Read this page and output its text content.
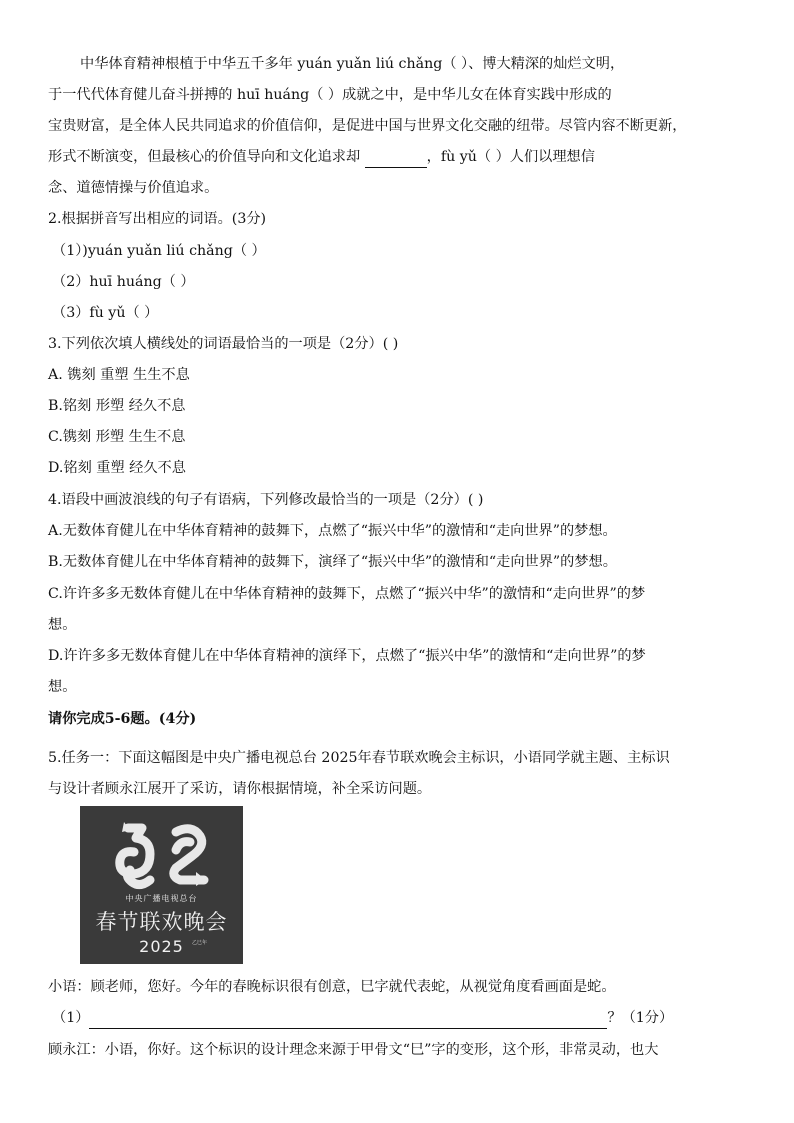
中华体育精神根植于中华五千多年 yuán yuǎn liú chǎng（ ）、博大精深的灿烂文明，
于一代代体育健儿奋斗拼搏的 huī huáng（ ）成就之中，是中华儿女在体育实践中形成的
宝贵财富，是全体人民共同追求的价值信仰，是促进中国与世界文化交融的纽带。尽管内容不断更新，
形式不断演变，但最核心的价值导向和文化追求却	，fù yǔ（ ）人们以理想信
念、道德情操与价值追求。
2.根据拼音写出相应的词语。(3分)
（1）)yuán yuǎn liú chǎng（ ）
（2）huī huáng（ ）
（3）fù yǔ（ ）
3.下列依次填人横线处的词语最恰当的一项是（2分）( )
A. 镌刻 重塑 生生不息
B.铭刻 形塑 经久不息
C.镌刻 形塑 生生不息
D.铭刻 重塑 经久不息
4.语段中画波浪线的句子有语病，下列修改最恰当的一项是（2分）( )
A.无数体育健儿在中华体育精神的鼓舞下，点燃了“振兴中华”的激情和“走向世界”的梦想。
B.无数体育健儿在中华体育精神的鼓舞下，演绎了“振兴中华”的激情和“走向世界”的梦想。
C.许许多多无数体育健儿在中华体育精神的鼓舞下，点燃了“振兴中华”的激情和“走向世界”的梦
想。
D.许许多多无数体育健儿在中华体育精神的演绎下，点燃了“振兴中华”的激情和“走向世界”的梦
想。
请你完成5-6题。(4分)
5.任务一：下面这幅图是中央广播电视总台 2025年春节联欢晚会主标识，小语同学就主题、主标识
与设计者顾永江展开了采访，请你根据情境，补全采访问题。
中央广播电视总台
春节联欢晚会
2025	乙巳年
小语：顾老师，您好。今年的春晚标识很有创意，巳字就代表蛇，从视觉角度看画面是蛇。
（1）	？（1分）
顾永江：小语，你好。这个标识的设计理念来源于甲骨文“巳”字的变形，这个形，非常灵动，也大
